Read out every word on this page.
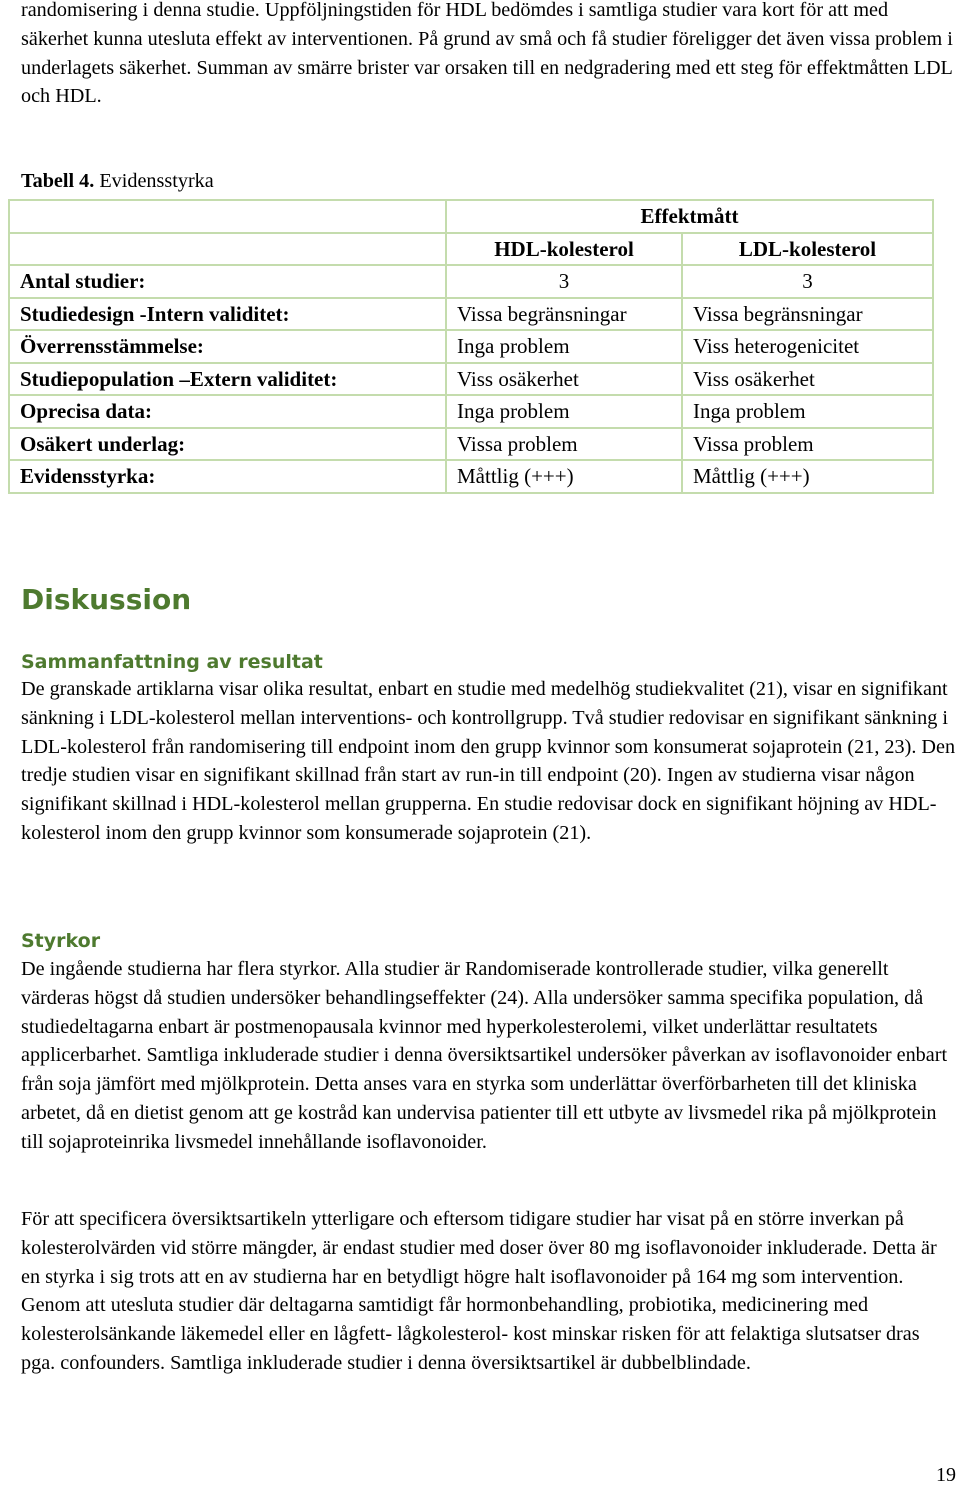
randomisering i denna studie. Uppföljningstiden för HDL bedömdes i samtliga studier vara kort för att med säkerhet kunna utesluta effekt av interventionen. På grund av små och få studier föreligger det även vissa problem i underlagets säkerhet. Summan av smärre brister var orsaken till en nedgradering med ett steg för effektmåtten LDL och HDL.

Tabell 4. Evidensstyrka
	Effektmått	
	HDL-kolesterol	LDL-kolesterol
Antal studier:	3	3
Studiedesign -Intern validitet:	Vissa begränsningar	Vissa begränsningar
Överrensstämmelse:	Inga problem	Viss heterogenicitet
Studiepopulation –Extern validitet:	Viss osäkerhet	Viss osäkerhet
Oprecisa data:	Inga problem	Inga problem
Osäkert underlag:	Vissa problem	Vissa problem
Evidensstyrka:	Måttlig (+++)	Måttlig (+++)
Diskussion
Sammanfattning av resultat

De granskade artiklarna visar olika resultat, enbart en studie med medelhög studiekvalitet (21), visar en signifikant sänkning i LDL-kolesterol mellan interventions- och kontrollgrupp. Två studier redovisar en signifikant sänkning i LDL-kolesterol från randomisering till endpoint inom den grupp kvinnor som konsumerat sojaprotein (21, 23). Den tredje studien visar en signifikant skillnad från start av run-in till endpoint (20). Ingen av studierna visar någon signifikant skillnad i HDL-kolesterol mellan grupperna. En studie redovisar dock en signifikant höjning av HDL-kolesterol inom den grupp kvinnor som konsumerade sojaprotein (21).

Styrkor

De ingående studierna har flera styrkor. Alla studier är Randomiserade kontrollerade studier, vilka generellt värderas högst då studien undersöker behandlingseffekter (24). Alla undersöker samma specifika population, då studiedeltagarna enbart är postmenopausala kvinnor med hyperkolesterolemi, vilket underlättar resultatets applicerbarhet. Samtliga inkluderade studier i denna översiktsartikel undersöker påverkan av isoflavonoider enbart från soja jämfört med mjölkprotein. Detta anses vara en styrka som underlättar överförbarheten till det kliniska arbetet, då en dietist genom att ge kostråd kan undervisa patienter till ett utbyte av livsmedel rika på mjölkprotein till sojaproteinrika livsmedel innehållande isoflavonoider.

För att specificera översiktsartikeln ytterligare och eftersom tidigare studier har visat på en större inverkan på kolesterolvärden vid större mängder, är endast studier med doser över 80 mg isoflavonoider inkluderade. Detta är en styrka i sig trots att en av studierna har en betydligt högre halt isoflavonoider på 164 mg som intervention. Genom att utesluta studier där deltagarna samtidigt får hormonbehandling, probiotika, medicinering med kolesterolsänkande läkemedel eller en lågfett- lågkolesterol- kost minskar risken för att felaktiga slutsatser dras pga. confounders. Samtliga inkluderade studier i denna översiktsartikel är dubbelblindade.

19
